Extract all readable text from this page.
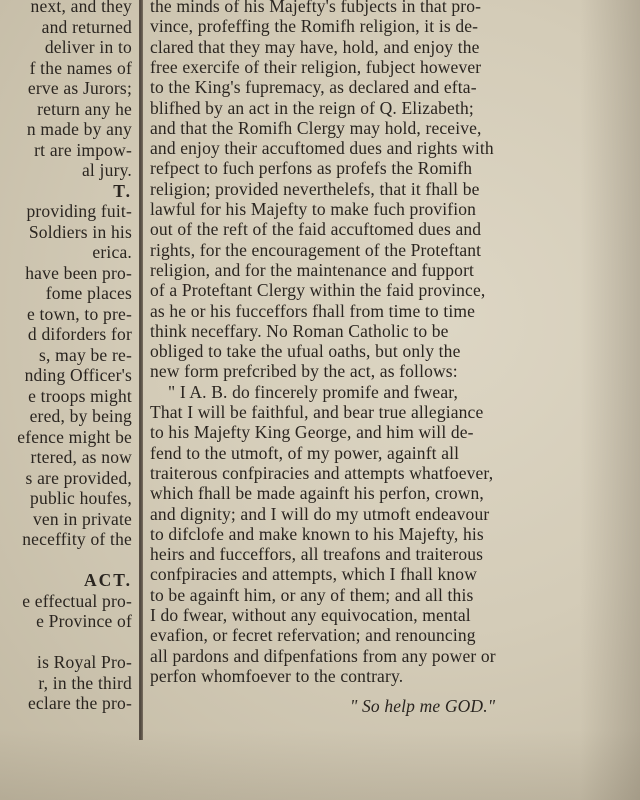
next, and they
and returned
deliver in to
f the names of
erve as Jurors;
return any he
n made by any
rt are impow-
al jury.
T.
providing fuit-
Soldiers in his
erica.
have been pro-
fome places
e town, to pre-
d diforders for
s, may be re-
nding Officer's
e troops might
ered, by being
efence might be
rtered, as now
s are provided,
public houfes,
ven in private
neceffity of the
ACT.
e effectual pro-
e Province of
is Royal Pro-
r, in the third
eclare the pro-
the minds of his Majefty's fubjects in that pro-
vince, profeffing the Romifh religion, it is de-
clared that they may have, hold, and enjoy the
free exercife of their religion, fubject however
to the King's fupremacy, as declared and efta-
blifhed by an act in the reign of Q. Elizabeth;
and that the Romifh Clergy may hold, receive,
and enjoy their accuftomed dues and rights with
refpect to fuch perfons as profefs the Romifh
religion; provided neverthelefs, that it fhall be
lawful for his Majefty to make fuch provifion
out of the reft of the faid accuftomed dues and
rights, for the encouragement of the Proteftant
religion, and for the maintenance and fupport
of a Proteftant Clergy within the faid province,
as he or his fucceffors fhall from time to time
think neceffary. No Roman Catholic to be
obliged to take the ufual oaths, but only the
new form prefcribed by the act, as follows:
" I A. B. do fincerely promife and fwear,
That I will be faithful, and bear true allegiance
to his Majefty King George, and him will de-
fend to the utmoft, of my power, againft all
traiterous confpiracies and attempts whatfoever,
which fhall be made againft his perfon, crown,
and dignity; and I will do my utmoft endeavour
to difclofe and make known to his Majefty, his
heirs and fucceffors, all treafons and traiterous
confpiracies and attempts, which I fhall know
to be againft him, or any of them; and all this
I do fwear, without any equivocation, mental
evafion, or fecret refervation; and renouncing
all pardons and difpenfations from any power or
perfon whomfoever to the contrary.
" So help me GOD."
